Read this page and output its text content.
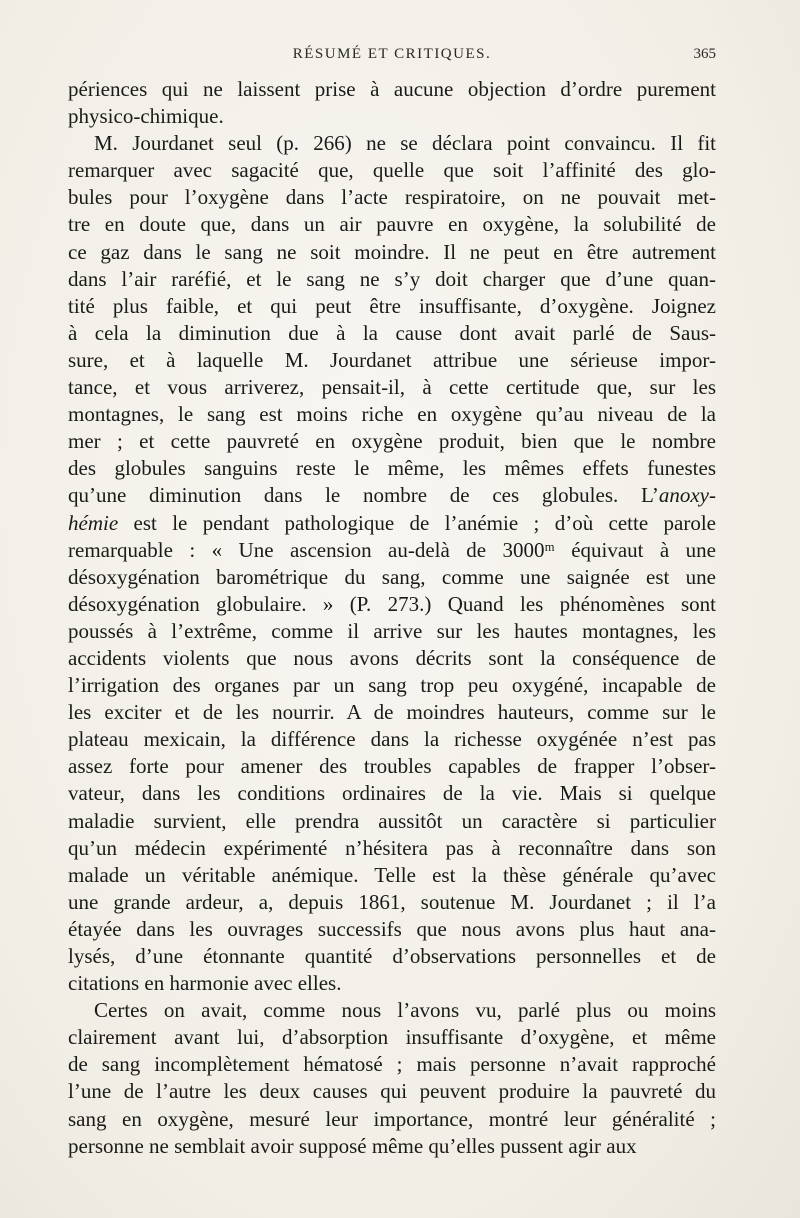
RÉSUMÉ ET CRITIQUES.	365
périences qui ne laissent prise à aucune objection d’ordre purement
physico-chimique.
M. Jourdanet seul (p. 266) ne se déclara point convaincu. Il fit
remarquer avec sagacité que, quelle que soit l’affinité des glo-
bules pour l’oxygène dans l’acte respiratoire, on ne pouvait met-
tre en doute que, dans un air pauvre en oxygène, la solubilité de
ce gaz dans le sang ne soit moindre. Il ne peut en être autrement
dans l’air raréfié, et le sang ne s’y doit charger que d’une quan-
tité plus faible, et qui peut être insuffisante, d’oxygène. Joignez
à cela la diminution due à la cause dont avait parlé de Saus-
sure, et à laquelle M. Jourdanet attribue une sérieuse impor-
tance, et vous arriverez, pensait-il, à cette certitude que, sur les
montagnes, le sang est moins riche en oxygène qu’au niveau de la
mer ; et cette pauvreté en oxygène produit, bien que le nombre
des globules sanguins reste le même, les mêmes effets funestes
qu’une diminution dans le nombre de ces globules. L’anoxy-
hémie est le pendant pathologique de l’anémie ; d’où cette parole
remarquable : « Une ascension au-delà de 3000ᵐ équivaut à une
désoxygénation barométrique du sang, comme une saignée est une
désoxygénation globulaire. » (P. 273.) Quand les phénomènes sont
poussés à l’extrême, comme il arrive sur les hautes montagnes, les
accidents violents que nous avons décrits sont la conséquence de
l’irrigation des organes par un sang trop peu oxygéné, incapable de
les exciter et de les nourrir. A de moindres hauteurs, comme sur le
plateau mexicain, la différence dans la richesse oxygénée n’est pas
assez forte pour amener des troubles capables de frapper l’obser-
vateur, dans les conditions ordinaires de la vie. Mais si quelque
maladie survient, elle prendra aussitôt un caractère si particulier
qu’un médecin expérimenté n’hésitera pas à reconnaître dans son
malade un véritable anémique. Telle est la thèse générale qu’avec
une grande ardeur, a, depuis 1861, soutenue M. Jourdanet ; il l’a
étayée dans les ouvrages successifs que nous avons plus haut ana-
lysés, d’une étonnante quantité d’observations personnelles et de
citations en harmonie avec elles.
Certes on avait, comme nous l’avons vu, parlé plus ou moins
clairement avant lui, d’absorption insuffisante d’oxygène, et même
de sang incomplètement hématosé ; mais personne n’avait rapproché
l’une de l’autre les deux causes qui peuvent produire la pauvreté du
sang en oxygène, mesuré leur importance, montré leur généralité ;
personne ne semblait avoir supposé même qu’elles pussent agir aux
